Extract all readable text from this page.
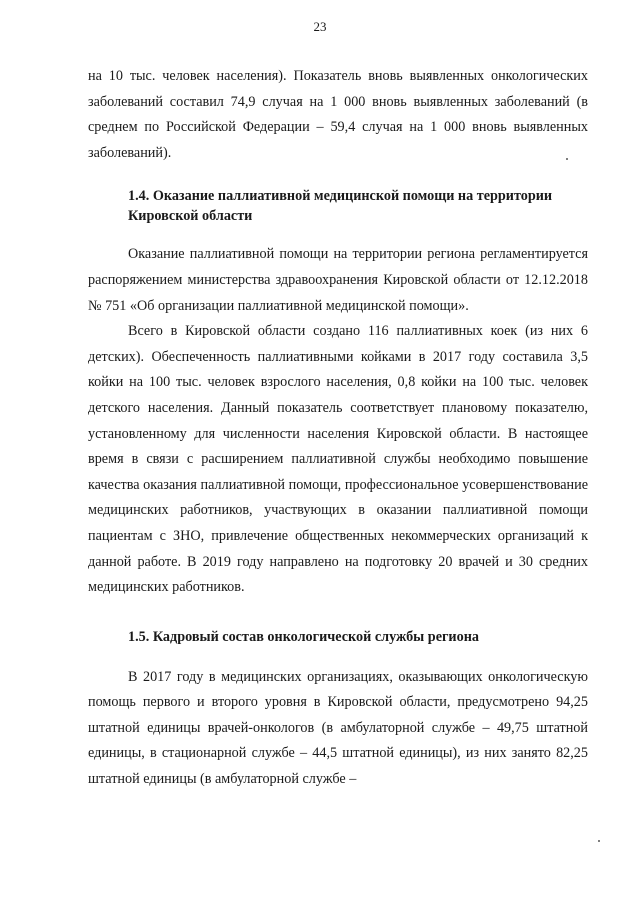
23

на 10 тыс. человек населения). Показатель вновь выявленных онкологических заболеваний составил 74,9 случая на 1 000 вновь выявленных заболеваний (в среднем по Российской Федерации – 59,4 случая на 1 000 вновь выявленных заболеваний).

1.4. Оказание паллиативной медицинской помощи на территории Кировской области

Оказание паллиативной помощи на территории региона регламентируется распоряжением министерства здравоохранения Кировской области от 12.12.2018 № 751 «Об организации паллиативной медицинской помощи».

Всего в Кировской области создано 116 паллиативных коек (из них 6 детских). Обеспеченность паллиативными койками в 2017 году составила 3,5 койки на 100 тыс. человек взрослого населения, 0,8 койки на 100 тыс. человек детского населения. Данный показатель соответствует плановому показателю, установленному для численности населения Кировской области. В настоящее время в связи с расширением паллиативной службы необходимо повышение качества оказания паллиативной помощи, профессиональное усовершенствование медицинских работников, участвующих в оказании паллиативной помощи пациентам с ЗНО, привлечение общественных некоммерческих организаций к данной работе. В 2019 году направлено на подготовку 20 врачей и 30 средних медицинских работников.

1.5. Кадровый состав онкологической службы региона

В 2017 году в медицинских организациях, оказывающих онкологическую помощь первого и второго уровня в Кировской области, предусмотрено 94,25 штатной единицы врачей-онкологов (в амбулаторной службе – 49,75 штатной единицы, в стационарной службе – 44,5 штатной единицы), из них занято 82,25 штатной единицы (в амбулаторной службе –
